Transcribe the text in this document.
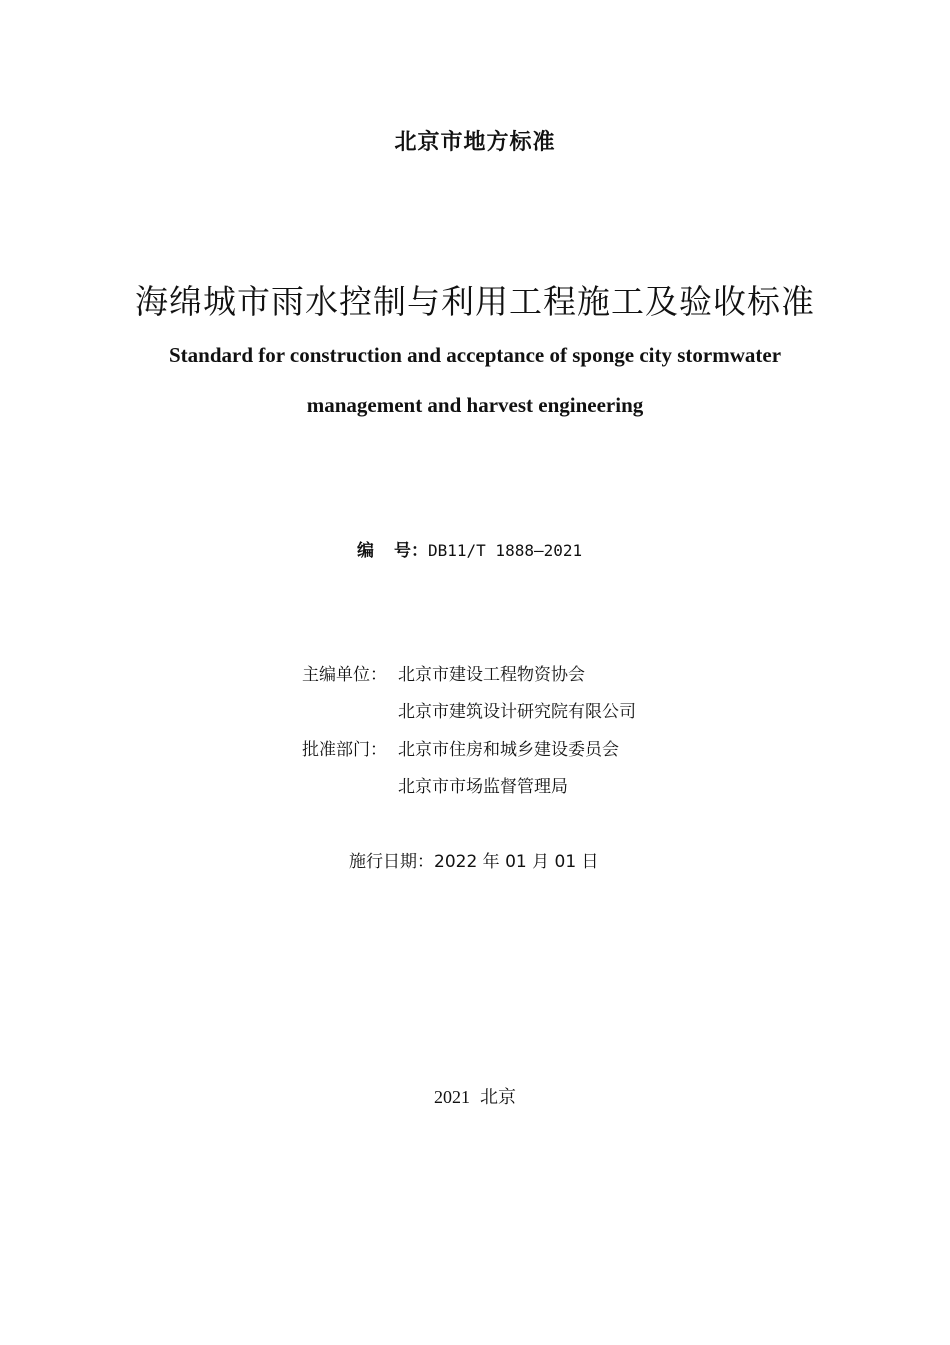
北京市地方标准
海绵城市雨水控制与利用工程施工及验收标准
Standard for construction and acceptance of sponge city stormwater
management and harvest engineering
编 号：DB11/T 1888—2021
主编单位： 北京市建设工程物资协会
北京市建筑设计研究院有限公司
批准部门： 北京市住房和城乡建设委员会
北京市市场监督管理局
施行日期：2022 年 01 月 01 日
2021 北京
